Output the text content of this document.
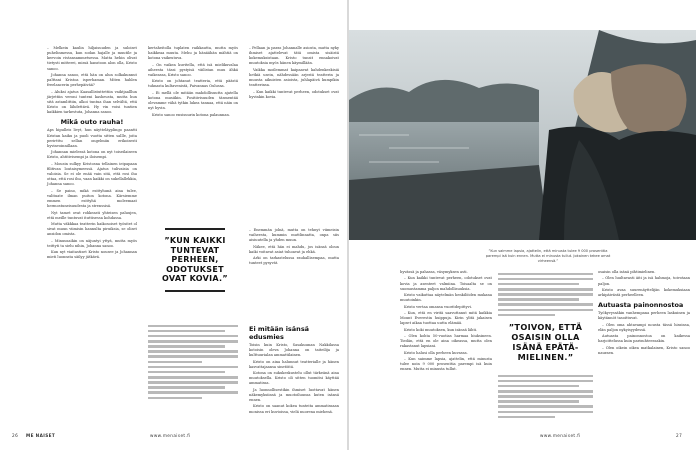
– Melkein kaulin hiljaisuuden ja suloiset puhelinmessu, kun sodan hajalle ja muutile ja keevoin ristansammetsessa. Matta hehin olivat tietysti mitterei, missä hanstoon alon olla, Kristo sanoo.

Johanna sanoo, että hän on alun solkakunnut palttani Kristoa isperhaman. Miten hahlen freelancerin perhepäivää?

– Aluksi ajatus Kaasallistuttettiin vaiktjaalllun järjettiin veroni tunteni kasheusta, mutta hun sitä astamlittiin, alkoi tuntua ihan selvältä, että Kristo on lähdettävä. Hy vin voisi tuntien kaikkien tarkestuta, Johanna sanoo.

Mikä outo rauha!

Aps hipulleis livyt, hun näytteläyplingo paantti Kristan kaiku ja puoli vuotta sitten sallle, joita perirtttu sellan ongelmiin erikoisesti hyvinvoinnillaan.

Johannan mielessä kotona on nyt toiseilaiseen Kristo, ahtitivisempi ja iloisempi.

– Mousin sulkyy Kristosna tellainen ieipapaan filitivan loutaisymeessä. Ajatus tulivaisia on valoisia. Se ei ole enää vain sitä, että rosi ihu ottaa, että rosi ihu, vaan kaikki on sukellallekkia, Johanna sanoo.

– Se paino, mikä esittyhunä aina tulee, valituate ilman puiton kotona. Kärsiemme emmen esittyhä moleemaat hermostuneisuudesta ja strenssisä.

Nyt tamet ovat rohkeasti yhteisen paluujen, että meille tuntuvat ituttisessa kohdassa.

Mutta väkkkaa teatterin haikosoiset työsitet ol sivat muun viimisin hannulta piruiksia, se oliset ansidon omista.

– Minuusaikin on näjuntyi yttyä, mutta myös teittyti ta sielu nihin, Johanna sanoo.

Kun nyt viaitastiset Kristo nousee ja Johannan mieti luonnsta säilyy jätkävä.

kertaheitolla tuplaten raikkautta, mutta myös haikkeaa muuta. Mehu ja hänäähän mähtiä on kotona vaikeutuva.

– On vaikea kuvitella, että isä mielikuvalaa aiheesta tässi pystyisä väilistan muu ähkä vaikeassa, Kristo sanoo.

Kristo on johtanut teatteria, että päästä tuhnasta kultavenistä, Paivannas Oulussa.

– Ei mellä ole mitään mahdollisuutta ajatella kotona musiikin. Positiivisuuden täsmentää olevamme vähä tytkin lukea tannaa, että näin on nyt hyvin.

Kristo sanoo ensisuurin kotona palaunnan.

– Pellaan ja paras Johannalle asiosta, mutta nyky ihmiset ajattelevat tätä omista sisäistä kokemuksistaan. Kristo tunsit ennakoivat muutoksia myös hänen käymillään.

Vaikka moilemmat kaipaavat kahdenkeskisiä hetkiä usein, nähdessään arjestä teatterin ja muusta aikuisten asioista, juhlapäivä kumpikin teatterinsa.

– Kun kaikki tuntevat perheen, odotukset ovat hyvinkin kovia.

”KUN KAIKKI
TUNTEVAT
PERHEEN,
ODOTUKSET
OVAT KOVIA.”

– Enemmän jolnä, mutta on tehnyt viimeisin vaiheesta, kummin muttlinnatta, onpa siis aisiuutella ja yhden muun.

Näkee, että hän ei mahdu, jos isänsä oloun kaiki voitavat asiat tuhoavat ja ehkä.

Arki on tarkastelussa rauhallisempaa, mutta tunteet pysyvät.

Ei mitään isänsä edusmies

Toisin kuin Kristo, Sasakuunan Nakkilassa kotoisin oleva Johanna on taiteilija ja kulttuurialan ammattilainen.

Kristo on aina halunnut teatterialle ja hänen kasvattajaansa sinetöitä.

Kotona on sukukeskustelu ollut tärkeänä aina muutoksella. Kristo oli sitten tuomitsi käyttää ammatissa.

Ja luonnollisestikin ihmiset luottavat hänen näkemyksiinsä ja muotoiluunsa kuten isänsä ennen.

Kristo on saanut kokea tunteita ammatissaan monissa eri kuvioissa, vielä nuorena miehenä.

”Kun saimme lapsia, ajattelin, että minusta tulee 9 000 prosenttia parempi isä kuin ennen. Mutta ei minusta tullut. Jokainen tekee omat virheensä.”

hyvässä ja pahassa, väsymyksen asti.

– Kun kaikki tuntevat perheen, odotukset ovat kovia ja asenteet valmiina. Toisaalta se on suomustamma paljon mahdollisuuksia.

Kristo vaikuttaa näytelmän henkilöiden mukana muutoinkin.

Kristo vertaa omansa vuoritdepittyvi.

– Kun, että en viritä saavuttanut mitä kaikkia Mount Everestin huippuja. Kirin ylitä jakaisen lapset aikaa tuottaa uutta elämää.

Kristo koki muutoksen, kun isänsä lähti.

– Olen kohta 50-vuotias harmaa hiuksineen. Tiedän, että en ole aina oikeassa, mutta olen rakastanut lapsiani.

Kristo halusi olla perheen kuvassa.

– Kun saimme lapsia, ajattelin, että minusta tulee noin 9 000 prosenttia parempi isä kuin ennen. Mutta ei minusta tullut.

”TOIVON, ETTÄ
OSAISIN OLLA
ISÄNÄ EPÄTÄ-
MIELINEN.”

osaisin olla isänä pihtimielinen.

– Olen luultavasti äiti ja isä hahmoja, toivotaan paljon.

Kristo avaa suurenäyttelijän kokemuksiaan arkipäivästä perheelleen.

Autuasta painonnostoa

Työkyvyssäkin vanhempana perheen laskuinen ja käytännöt tasoittuvat.

– Olen oma ahtavampi nousta tässä hissinsa, elän paljon nykyisyydessä.

Autuasta painonnostoa on kaikessa harjoittelussa kuin parisuhteessakin.

– Olen oikein oikea matkalainen, Kristo sanoo nauraen.

26 ME NAISET	www.menaiset.fi	www.menaiset.fi	27
